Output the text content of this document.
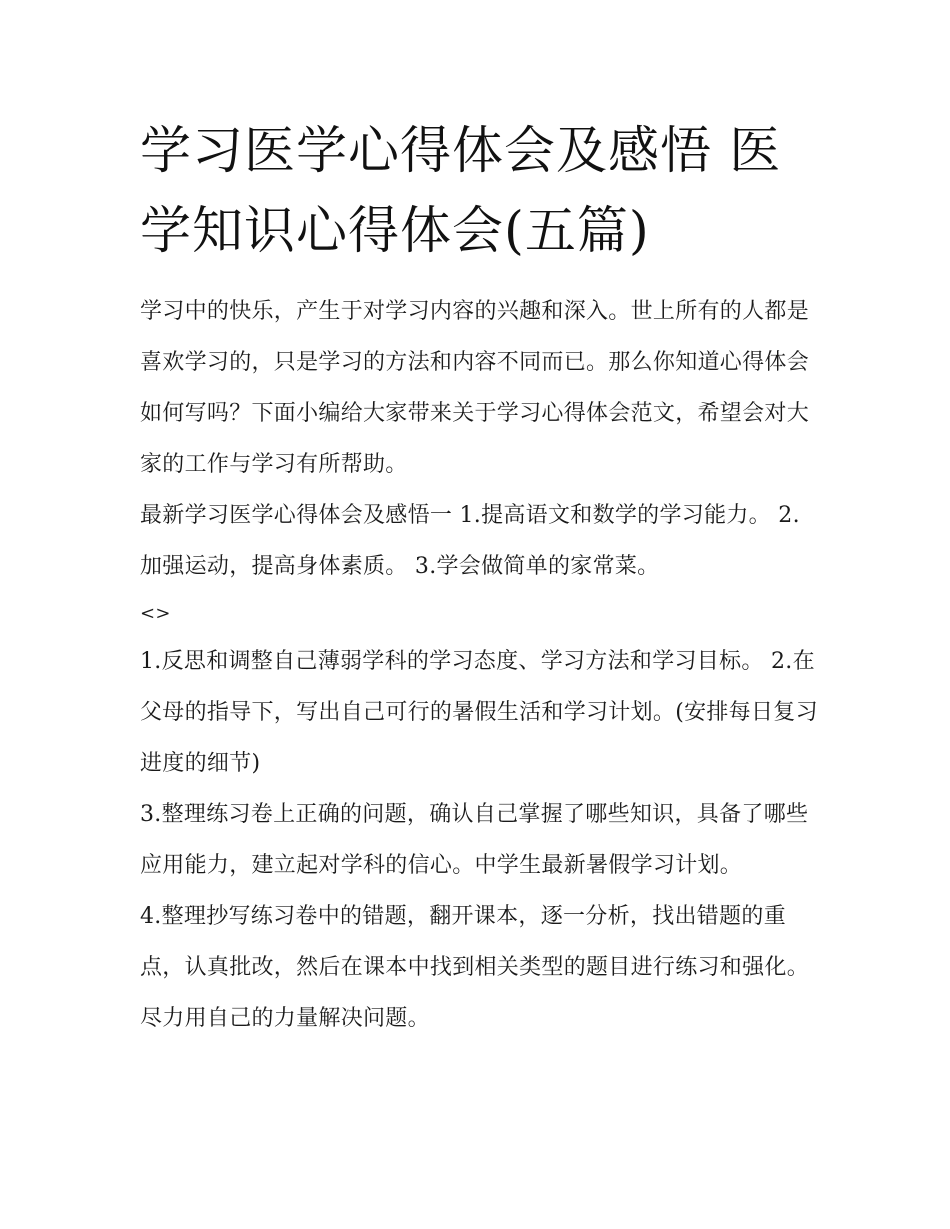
学习医学心得体会及感悟 医学知识心得体会(五篇)

学习中的快乐，产生于对学习内容的兴趣和深入。世上所有的人都是喜欢学习的，只是学习的方法和内容不同而已。那么你知道心得体会如何写吗？下面小编给大家带来关于学习心得体会范文，希望会对大家的工作与学习有所帮助。

最新学习医学心得体会及感悟一 1.提高语文和数学的学习能力。 2.加强运动，提高身体素质。 3.学会做简单的家常菜。

<>

1.反思和调整自己薄弱学科的学习态度、学习方法和学习目标。 2.在父母的指导下，写出自己可行的暑假生活和学习计划。(安排每日复习进度的细节)

3.整理练习卷上正确的问题，确认自己掌握了哪些知识，具备了哪些应用能力，建立起对学科的信心。中学生最新暑假学习计划。

4.整理抄写练习卷中的错题，翻开课本，逐一分析，找出错题的重点，认真批改，然后在课本中找到相关类型的题目进行练习和强化。尽力用自己的力量解决问题。
